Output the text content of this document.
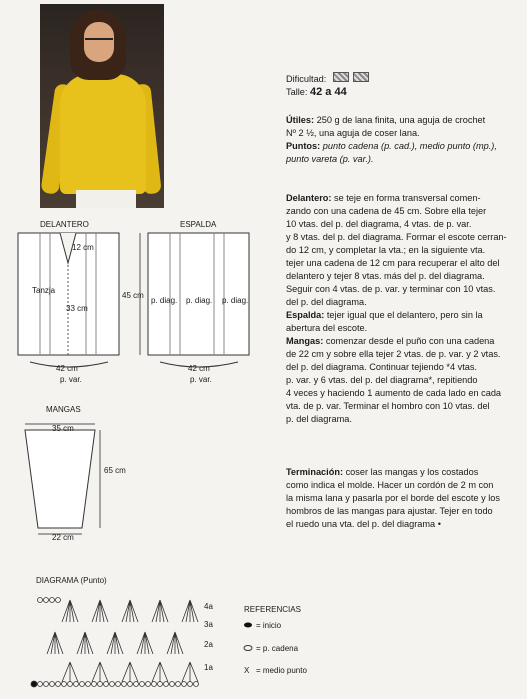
Dificultad:
Talle: 42 a 44
Útiles: 250 g de lana finita, una aguja de crochet
Nº 2 ½, una aguja de coser lana.
Puntos: punto cadena (p. cad.), medio punto (mp.),
punto vareta (p. var.).
Delantero: se teje en forma transversal comen-
zando con una cadena de 45 cm. Sobre ella tejer
10 vtas. del p. del diagrama, 4 vtas. de p. var.
y 8 vtas. del p. del diagrama. Formar el escote cerran-
do 12 cm, y completar la vta.; en la siguiente vta.
tejer una cadena de 12 cm para recuperar el alto del
delantero y tejer 8 vtas. más del p. del diagrama.
Seguir con 4 vtas. de p. var. y terminar con 10 vtas.
del p. del diagrama.
Espalda: tejer igual que el delantero, pero sin la
abertura del escote.
Mangas: comenzar desde el puño con una cadena
de 22 cm y sobre ella tejer 2 vtas. de p. var. y 2 vtas.
del p. del diagrama. Continuar tejiendo *4 vtas.
p. var. y 6 vtas. del p. del diagrama*, repitiendo
4 veces y haciendo 1 aumento de cada lado en cada
vta. de p. var. Terminar el hombro con 10 vtas. del
p. del diagrama.
Terminación: coser las mangas y los costados
como indica el molde. Hacer un cordón de 2 m con
la misma lana y pasarla por el borde del escote y los
hombros de las mangas para ajustar. Tejer en todo
el ruedo una vta. del p. del diagrama •
DELANTERO
12 cm
Tanzja
33 cm
42 cm
p. var.
ESPALDA
45 cm
p. diag. p. diag. p. diag.
42 cm
p. var.
MANGAS
35 cm
65 cm
22 cm
DIAGRAMA (Punto)
4a
3a
2a
1a
REFERENCIAS
= inicio
= p. cadena
X = medio punto
